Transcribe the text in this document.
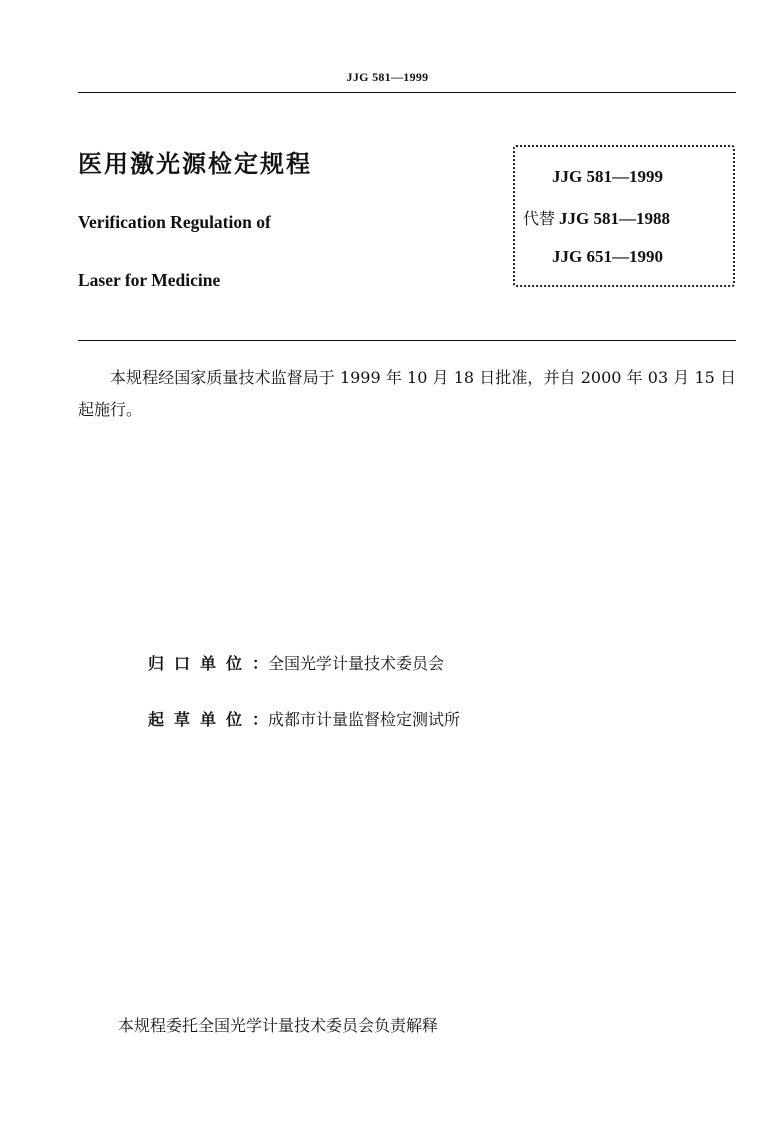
JJG 581—1999
医用激光源检定规程
Verification Regulation of
Laser for Medicine
JJG 581—1999
代替 JJG 581—1988
JJG 651—1990
本规程经国家质量技术监督局于 1999 年 10 月 18 日批准，并自 2000 年 03 月 15 日起施行。
归口单位：全国光学计量技术委员会
起草单位：成都市计量监督检定测试所
本规程委托全国光学计量技术委员会负责解释
